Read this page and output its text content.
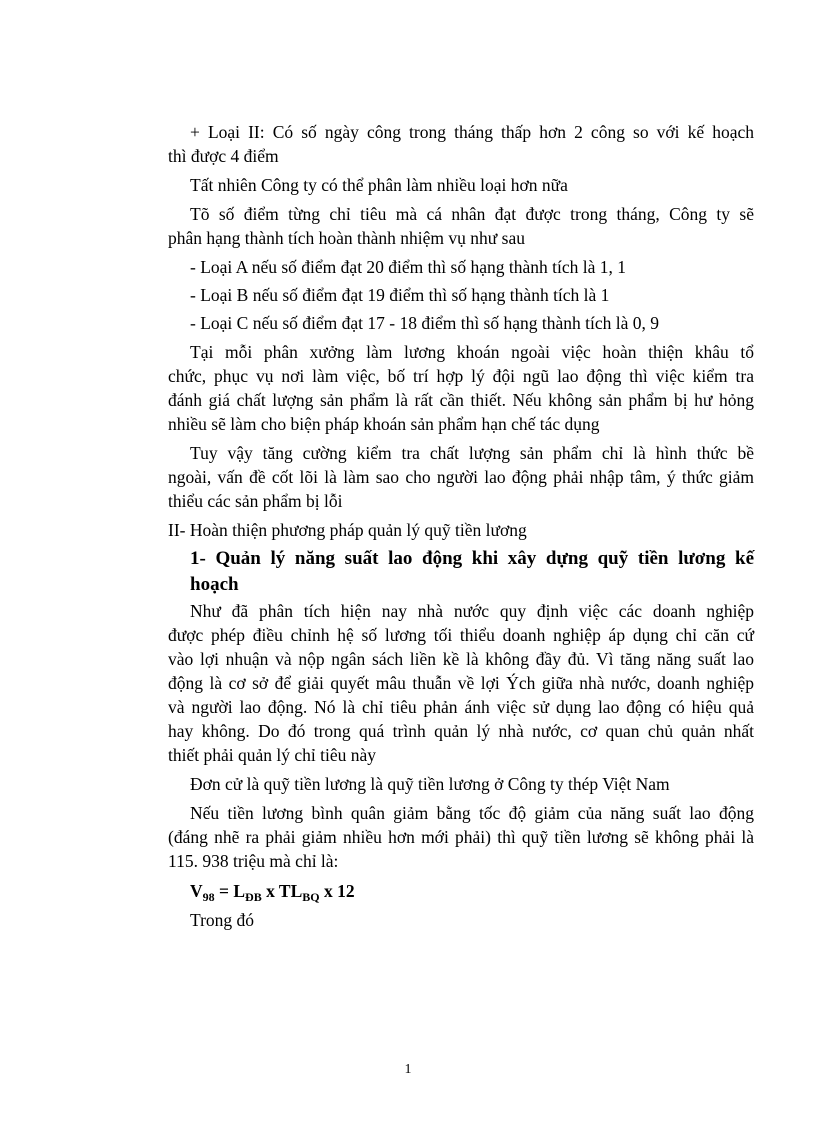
+ Loại II: Có số ngày công trong tháng thấp hơn 2 công so với kế hoạch
thì được 4 điểm
Tất nhiên Công ty có thể phân làm nhiều loại hơn nữa
Tõ số điểm từng chỉ tiêu mà cá nhân đạt được trong tháng, Công ty sẽ
phân hạng thành tích hoàn thành nhiệm vụ như sau
- Loại A nếu số điểm đạt 20 điểm thì số hạng thành tích là 1, 1
- Loại B nếu số điểm đạt 19 điểm thì số hạng thành tích là 1
- Loại C nếu số điểm đạt 17 - 18 điểm thì số hạng thành tích là 0, 9
Tại mỗi phân xưởng làm lương khoán ngoài việc hoàn thiện khâu tổ
chức, phục vụ nơi làm việc, bố trí hợp lý đội ngũ lao động thì việc kiểm tra
đánh giá chất lượng sản phẩm là rất cần thiết. Nếu không sản phẩm bị hư hỏng
nhiều sẽ làm cho biện pháp khoán sản phẩm hạn chế tác dụng
Tuy vậy tăng cường kiểm tra chất lượng sản phẩm chỉ là hình thức bề
ngoài, vấn đề cốt lõi là làm sao cho người lao động phải nhập tâm, ý thức giảm
thiểu các sản phẩm bị lỗi
II- Hoàn thiện phương pháp quản lý quỹ tiền lương
1- Quản lý năng suất lao động khi xây dựng quỹ tiền lương kế
hoạch
Như đã phân tích hiện nay nhà nước quy định việc các doanh nghiệp
được phép điều chỉnh hệ số lương tối thiểu doanh nghiệp áp dụng chỉ căn cứ
vào lợi nhuận và nộp ngân sách liền kề là không đầy đủ. Vì tăng năng suất lao
động là cơ sở để giải quyết mâu thuẫn về lợi Ých giữa nhà nước, doanh nghiệp
và người lao động. Nó là chỉ tiêu phản ánh việc sử dụng lao động có hiệu quả
hay không. Do đó trong quá trình quản lý nhà nước, cơ quan chủ quản nhất
thiết phải quản lý chỉ tiêu này
Đơn cử là quỹ tiền lương là quỹ tiền lương ở Công ty thép Việt Nam
Nếu tiền lương bình quân giảm bằng tốc độ giảm của năng suất lao động
(đáng nhẽ ra phải giảm nhiều hơn mới phải) thì quỹ tiền lương sẽ không phải là
115. 938 triệu mà chỉ là:
$V_{98} = L_{ĐB}$ x $TL_{BQ}$ x 12
Trong đó
1
